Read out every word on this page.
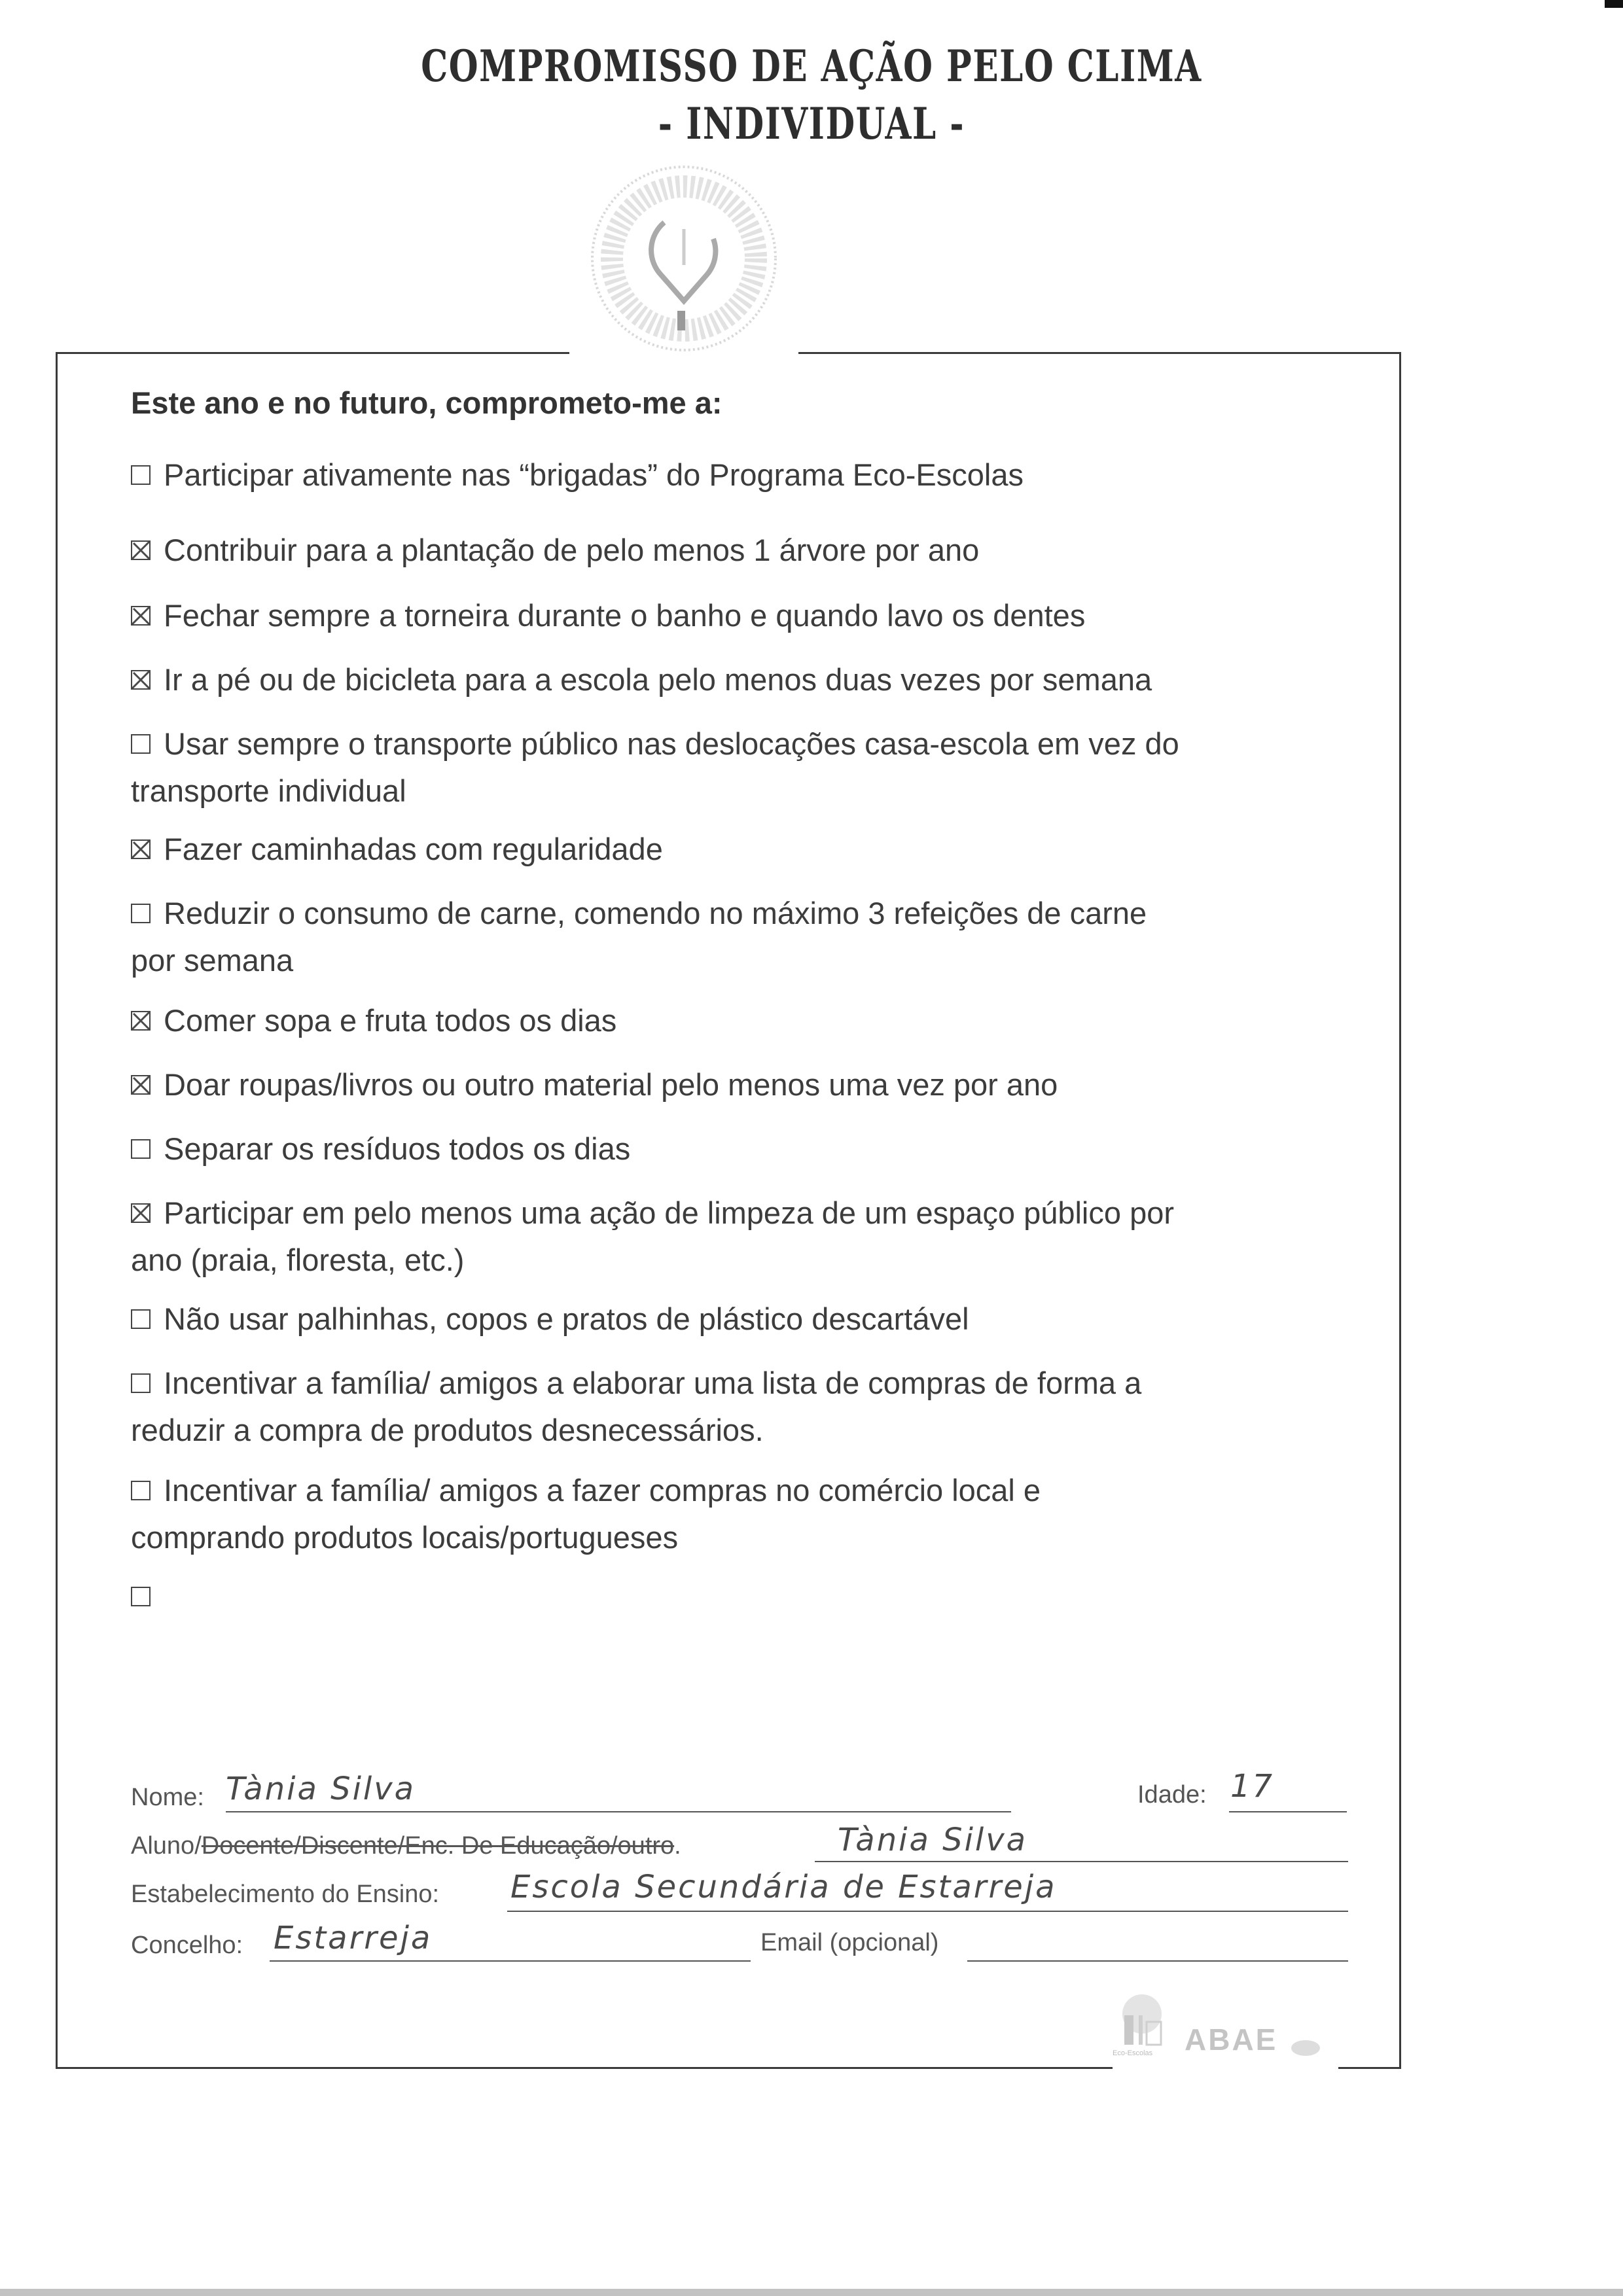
COMPROMISSO DE AÇÃO PELO CLIMA
- INDIVIDUAL -
Este ano e no futuro, comprometo-me a:
Participar ativamente nas “brigadas” do Programa Eco-Escolas
Contribuir para a plantação de pelo menos 1 árvore por ano
Fechar sempre a torneira durante o banho e quando lavo os dentes
Ir a pé ou de bicicleta para a escola pelo menos duas vezes por semana
Usar sempre o transporte público nas deslocações casa-escola em vez do
transporte individual
Fazer caminhadas com regularidade
Reduzir o consumo de carne, comendo no máximo 3 refeições de carne
por semana
Comer sopa e fruta todos os dias
Doar roupas/livros ou outro material pelo menos uma vez por ano
Separar os resíduos todos os dias
Participar em pelo menos uma ação de limpeza de um espaço público por
ano (praia, floresta, etc.)
Não usar palhinhas, copos e pratos de plástico descartável
Incentivar a família/ amigos a elaborar uma lista de compras de forma a
reduzir a compra de produtos desnecessários.
Incentivar a família/ amigos a fazer compras no comércio local e
comprando produtos locais/portugueses
Nome: Tània Silva	Idade: 17
Aluno/Docente/Discente/Enc. De Educação/outro.	Tània Silva
Estabelecimento do Ensino: Escola Secundária de Estarreja
Concelho: Estarreja	Email (opcional)
Eco-Escolas ABAE
